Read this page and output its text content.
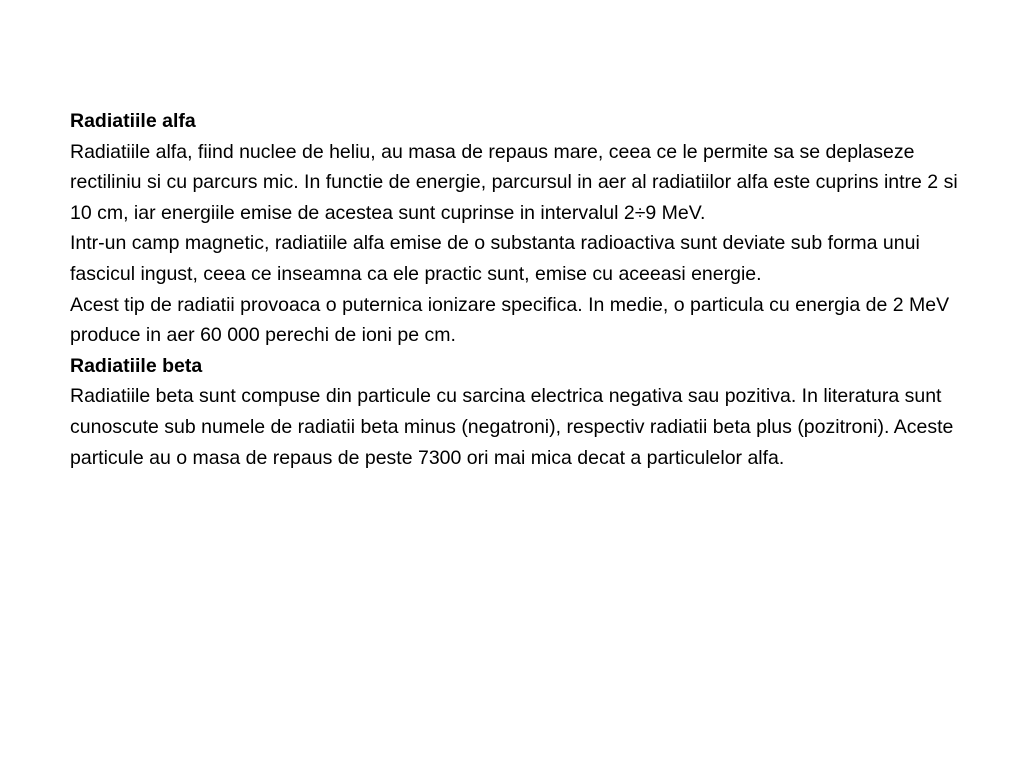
Radiatiile alfa

Radiatiile alfa, fiind nuclee de heliu, au masa de repaus mare, ceea ce le permite sa se deplaseze rectiliniu si cu parcurs mic. In functie de energie, parcursul in aer al radiatiilor alfa este cuprins intre 2 si 10 cm, iar energiile emise de acestea sunt cuprinse in intervalul 2÷9 MeV.

Intr-un camp magnetic, radiatiile alfa emise de o substanta radioactiva sunt deviate sub forma unui fascicul ingust, ceea ce inseamna ca ele practic sunt, emise cu aceeasi energie.

Acest tip de radiatii provoaca o puternica ionizare specifica. In medie, o particula cu energia de 2 MeV produce in aer 60 000 perechi de ioni pe cm.

Radiatiile beta

Radiatiile beta sunt compuse din particule cu sarcina electrica negativa sau pozitiva. In literatura sunt cunoscute sub numele de radiatii beta minus (negatroni), respectiv radiatii beta plus (pozitroni). Aceste particule au o masa de repaus de peste 7300 ori mai mica decat a particulelor alfa.
